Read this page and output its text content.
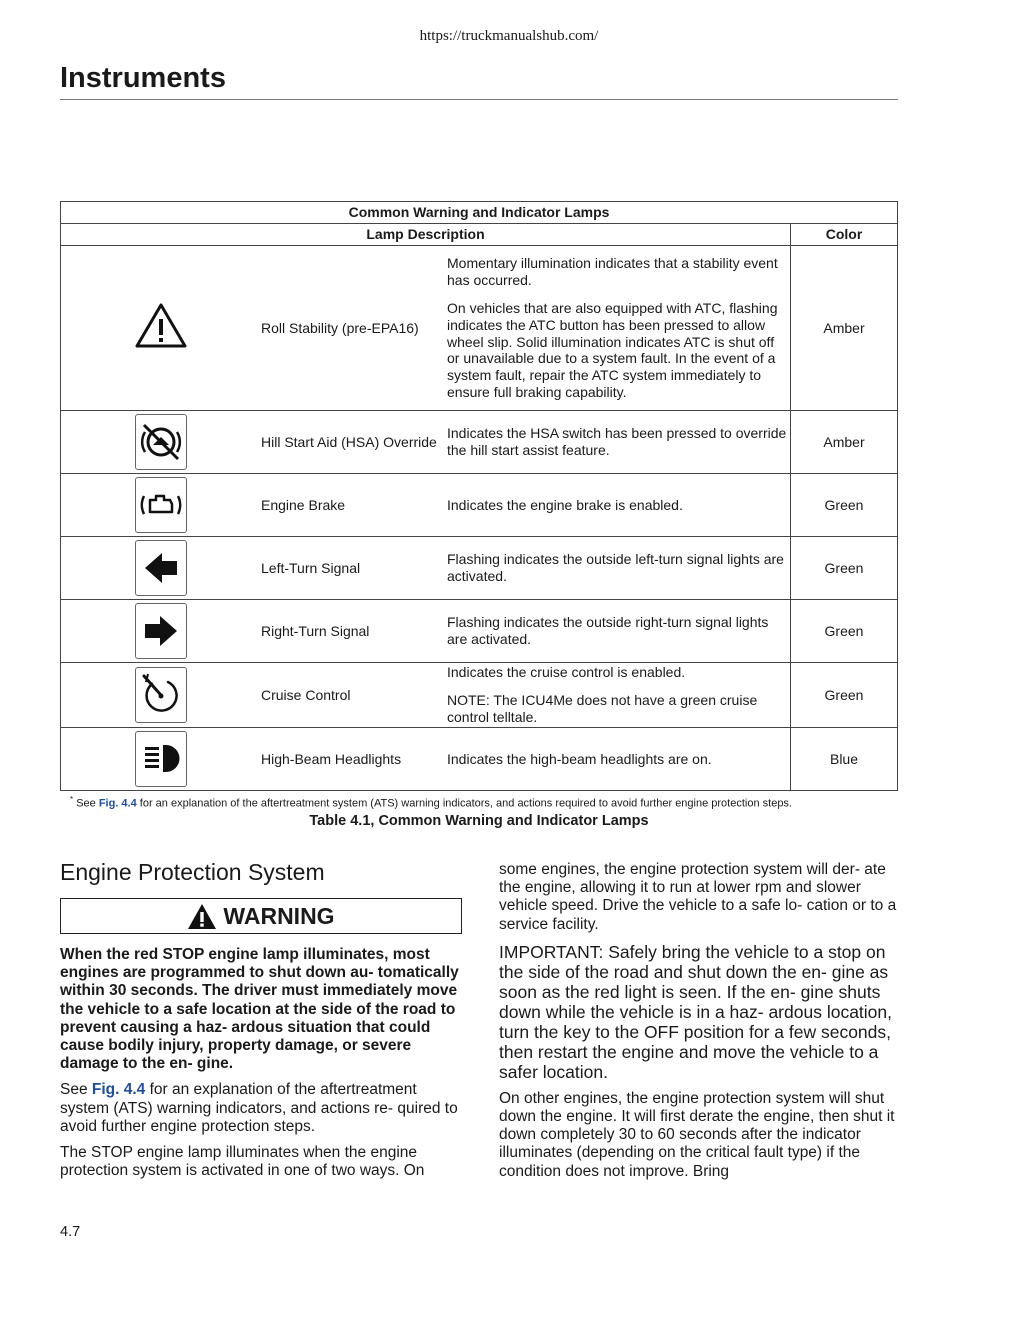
https://truckmanualshub.com/
Instruments
Common Warning and Indicator Lamps			
Lamp Description			Color
	Roll Stability (pre-EPA16)	Momentary illumination indicates that a stability event has occurred.

On vehicles that are also equipped with ATC, flashing indicates the ATC button has been pressed to allow wheel slip. Solid illumination indicates ATC is shut off or unavailable due to a system fault. In the event of a system fault, repair the ATC system immediately to ensure full braking capability.	Amber

	Hill Start Aid (HSA) Override	Indicates the HSA switch has been pressed to override the hill start assist feature.	Amber

	Engine Brake	Indicates the engine brake is enabled.	Green

	Left-Turn Signal	Flashing indicates the outside left-turn signal lights are activated.	Green

	Right-Turn Signal	Flashing indicates the outside right-turn signal lights are activated.	Green

	Cruise Control	Indicates the cruise control is enabled.

NOTE: The ICU4Me does not have a green cruise control telltale.	Green

	High-Beam Headlights	Indicates the high-beam headlights are on.	Blue
* See Fig. 4.4 for an explanation of the aftertreatment system (ATS) warning indicators, and actions required to avoid further engine protection steps.
Table 4.1, Common Warning and Indicator Lamps
Engine Protection System
WARNING

When the red STOP engine lamp illuminates, most engines are programmed to shut down au- tomatically within 30 seconds. The driver must immediately move the vehicle to a safe location at the side of the road to prevent causing a haz- ardous situation that could cause bodily injury, property damage, or severe damage to the en- gine.

See Fig. 4.4 for an explanation of the aftertreatment system (ATS) warning indicators, and actions re- quired to avoid further engine protection steps.

The STOP engine lamp illuminates when the engine protection system is activated in one of two ways. On

some engines, the engine protection system will der- ate the engine, allowing it to run at lower rpm and slower vehicle speed. Drive the vehicle to a safe lo- cation or to a service facility.

IMPORTANT: Safely bring the vehicle to a stop on the side of the road and shut down the en- gine as soon as the red light is seen. If the en- gine shuts down while the vehicle is in a haz- ardous location, turn the key to the OFF position for a few seconds, then restart the engine and move the vehicle to a safer location.

On other engines, the engine protection system will shut down the engine. It will first derate the engine, then shut it down completely 30 to 60 seconds after the indicator illuminates (depending on the critical fault type) if the condition does not improve. Bring

4.7
